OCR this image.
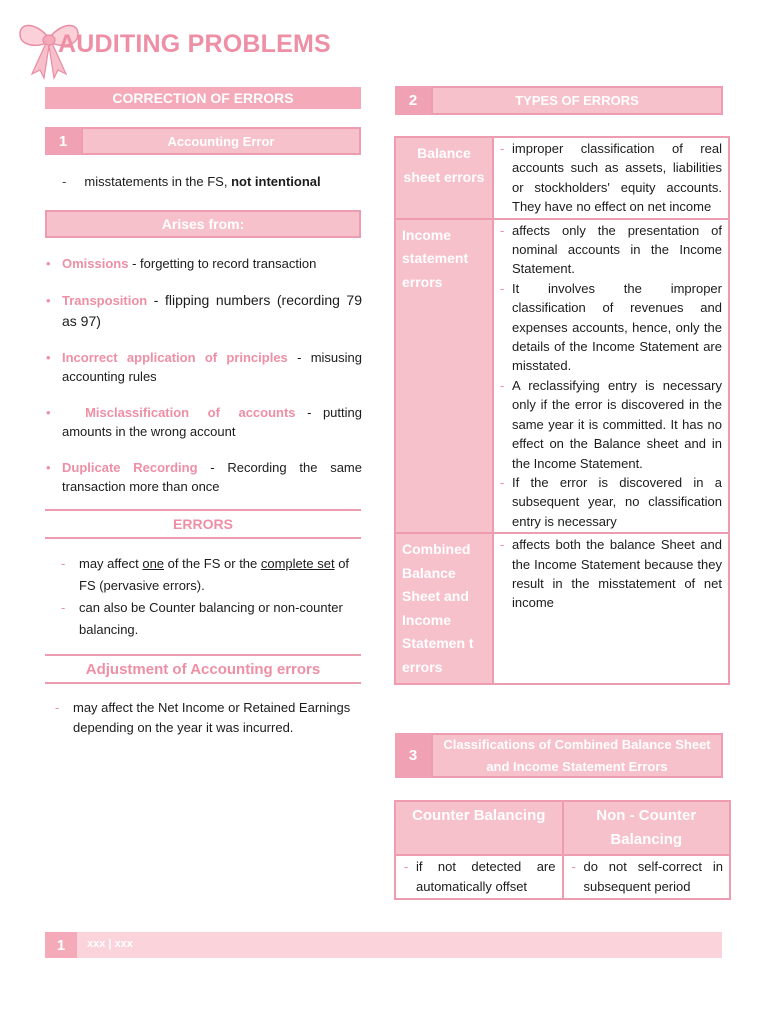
AUDITING PROBLEMS
CORRECTION OF ERRORS
1	Accounting Error
-     misstatements in the FS, not intentional
Arises from:
• Omissions - forgetting to record transaction
• Transposition - flipping numbers (recording 79 as 97)
• Incorrect application of principles - misusing accounting rules
•	Misclassification of accounts - putting amounts in the wrong account
• Duplicate Recording - Recording the same transaction more than once
ERRORS
- may affect one of the FS or the complete set of FS (pervasive errors).
- can also be Counter balancing or non-counter balancing.
Adjustment of Accounting errors
- may affect the Net Income or Retained Earnings depending on the year it was incurred.
2	TYPES OF ERRORS
Balance sheet errors
- improper classification of real accounts such as assets, liabilities or stockholders' equity accounts. They have no effect on net income
Income statement errors
- affects only the presentation of nominal accounts in the Income Statement.
- It involves the improper classification of revenues and expenses accounts, hence, only the details of the Income Statement are misstated.
- A reclassifying entry is necessary only if the error is discovered in the same year it is committed. It has no effect on the Balance sheet and in the Income Statement.
- If the error is discovered in a subsequent year, no classification entry is necessary
Combined Balance Sheet and Income Statemen t errors
- affects both the balance Sheet and the Income Statement because they result in the misstatement of net income
3
Classifications of Combined Balance Sheet and Income Statement Errors
Counter Balancing	Non - Counter Balancing
- if not detected are automatically offset
- do not self-correct in subsequent period
1	xxx | xxx
